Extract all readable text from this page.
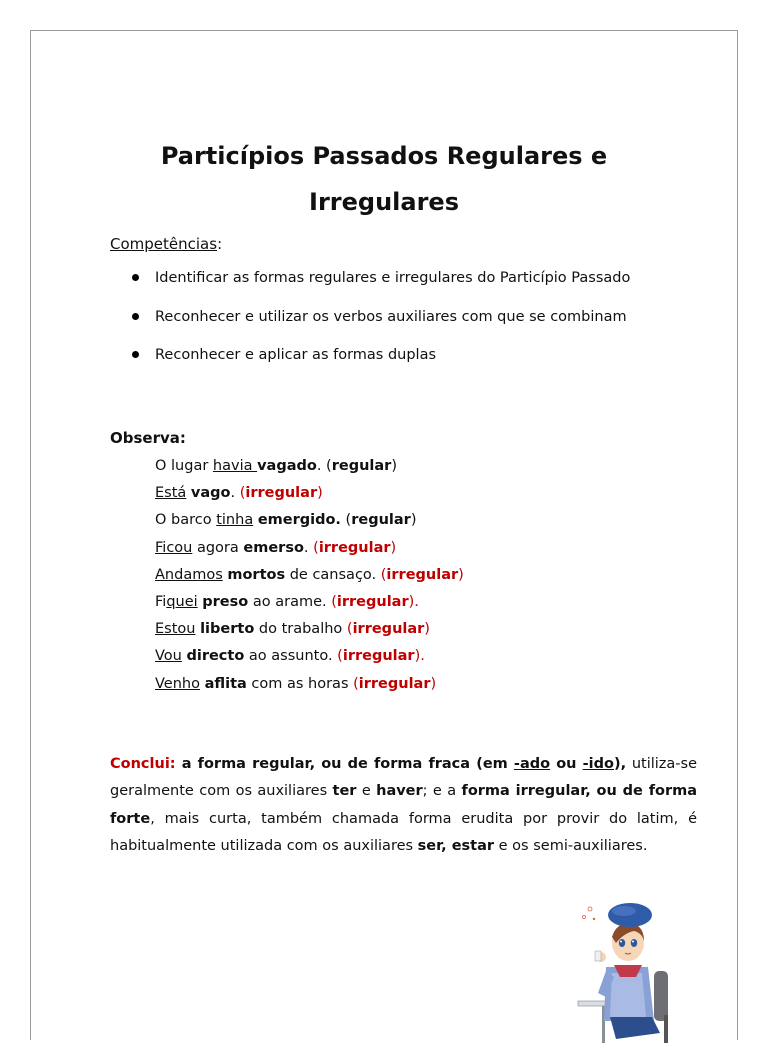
Particípios Passados Regulares e
Irregulares
Competências:
Identificar as formas regulares e irregulares do Particípio Passado
Reconhecer e utilizar os verbos auxiliares com que se combinam
Reconhecer e aplicar as formas duplas
Observa:
O lugar havia vagado. (regular)
Está vago. (irregular)
O barco tinha emergido. (regular)
Ficou agora emerso. (irregular)
Andamos mortos de cansaço. (irregular)
Fiquei preso ao arame. (irregular).
Estou liberto do trabalho (irregular)
Vou directo ao assunto. (irregular).
Venho aflita com as horas (irregular)
Conclui: a forma regular, ou de forma fraca (em -ado ou -ido), utiliza-se geralmente com os auxiliares ter e haver; e a forma irregular, ou de forma forte, mais curta, também chamada forma erudita por provir do latim, é habitualmente utilizada com os auxiliares ser, estar e os semi-auxiliares.
